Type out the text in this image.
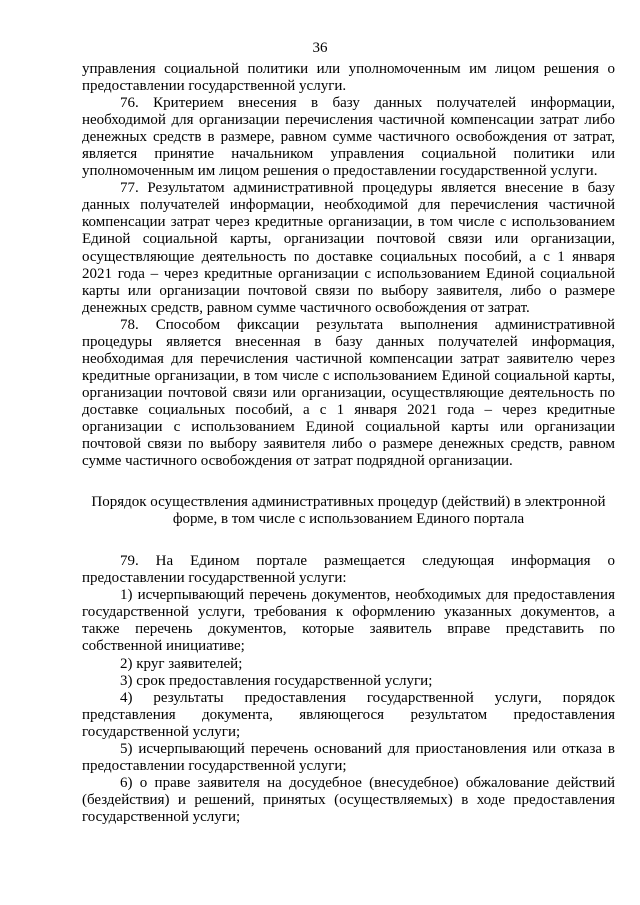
36

управления социальной политики или уполномоченным им лицом решения о предоставлении государственной услуги.

76. Критерием внесения в базу данных получателей информации, необходимой для организации перечисления частичной компенсации затрат либо денежных средств в размере, равном сумме частичного освобождения от затрат, является принятие начальником управления социальной политики или уполномоченным им лицом решения о предоставлении государственной услуги.

77. Результатом административной процедуры является внесение в базу данных получателей информации, необходимой для перечисления частичной компенсации затрат через кредитные организации, в том числе с использованием Единой социальной карты, организации почтовой связи или организации, осуществляющие деятельность по доставке социальных пособий, а с 1 января 2021 года – через кредитные организации с использованием Единой социальной карты или организации почтовой связи по выбору заявителя, либо о размере денежных средств, равном сумме частичного освобождения от затрат.

78. Способом фиксации результата выполнения административной процедуры является внесенная в базу данных получателей информация, необходимая для перечисления частичной компенсации затрат заявителю через кредитные организации, в том числе с использованием Единой социальной карты, организации почтовой связи или организации, осуществляющие деятельность по доставке социальных пособий, а с 1 января 2021 года – через кредитные организации с использованием Единой социальной карты или организации почтовой связи по выбору заявителя либо о размере денежных средств, равном сумме частичного освобождения от затрат подрядной организации.

Порядок осуществления административных процедур (действий) в электронной форме, в том числе с использованием Единого портала

79. На Едином портале размещается следующая информация о предоставлении государственной услуги:

1) исчерпывающий перечень документов, необходимых для предоставления государственной услуги, требования к оформлению указанных документов, а также перечень документов, которые заявитель вправе представить по собственной инициативе;

2) круг заявителей;

3) срок предоставления государственной услуги;

4) результаты предоставления государственной услуги, порядок представления документа, являющегося результатом предоставления государственной услуги;

5) исчерпывающий перечень оснований для приостановления или отказа в предоставлении государственной услуги;

6) о праве заявителя на досудебное (внесудебное) обжалование действий (бездействия) и решений, принятых (осуществляемых) в ходе предоставления государственной услуги;
